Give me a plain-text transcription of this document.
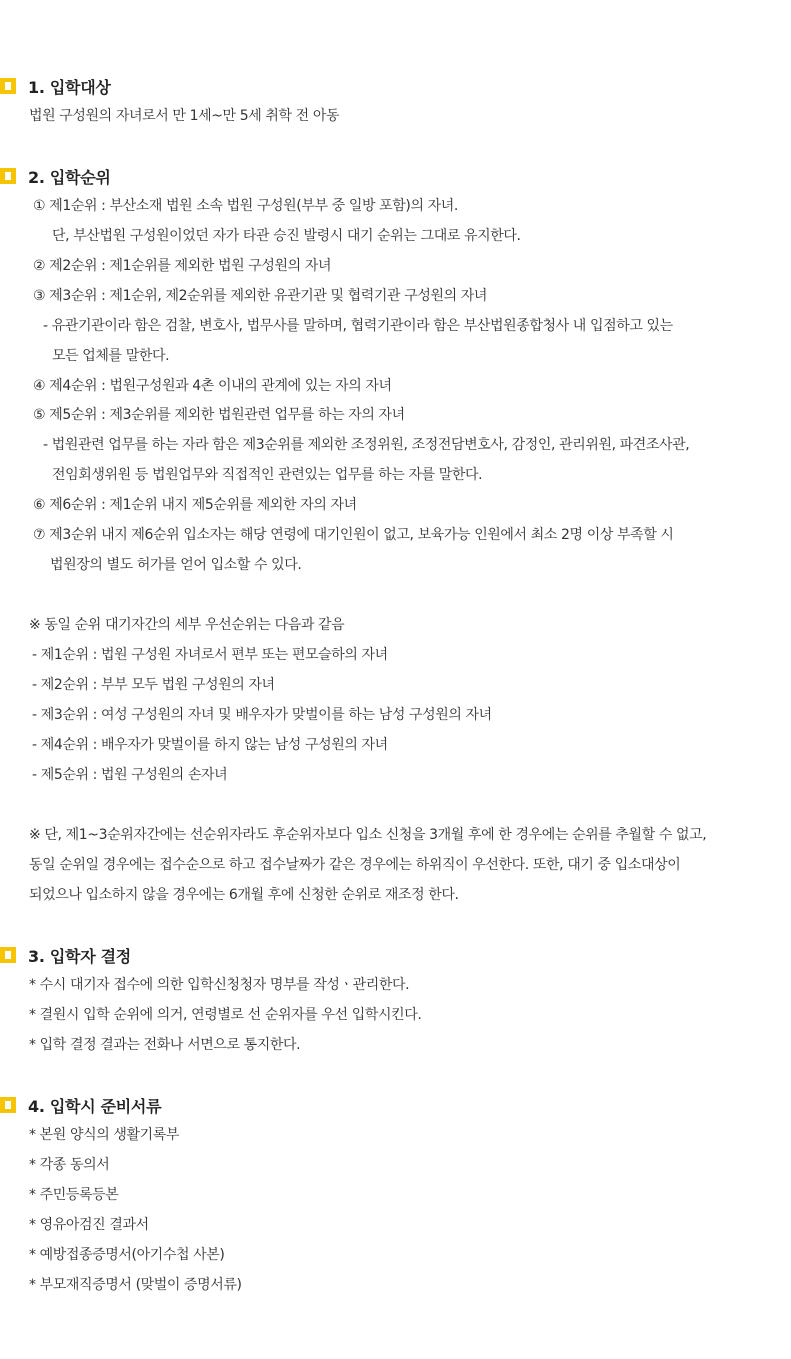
1. 입학대상
법원 구성원의 자녀로서 만 1세~만 5세 취학 전 아동
2. 입학순위
① 제1순위 : 부산소재 법원 소속 법원 구성원(부부 중 일방 포함)의 자녀.
단, 부산법원 구성원이었던 자가 타관 승진 발령시 대기 순위는 그대로 유지한다.
② 제2순위 : 제1순위를 제외한 법원 구성원의 자녀
③ 제3순위 : 제1순위, 제2순위를 제외한 유관기관 및 협력기관 구성원의 자녀
- 유관기관이라 함은 검찰, 변호사, 법무사를 말하며, 협력기관이라 함은 부산법원종합청사 내 입점하고 있는
모든 업체를 말한다.
④ 제4순위 : 법원구성원과 4촌 이내의 관계에 있는 자의 자녀
⑤ 제5순위 : 제3순위를 제외한 법원관련 업무를 하는 자의 자녀
- 법원관련 업무를 하는 자라 함은 제3순위를 제외한 조정위원, 조정전담변호사, 감정인, 관리위원, 파견조사관,
전임회생위원 등 법원업무와 직접적인 관련있는 업무를 하는 자를 말한다.
⑥ 제6순위 : 제1순위 내지 제5순위를 제외한 자의 자녀
⑦ 제3순위 내지 제6순위 입소자는 해당 연령에 대기인원이 없고, 보육가능 인원에서 최소 2명 이상 부족할 시
법원장의 별도 허가를 얻어 입소할 수 있다.
※ 동일 순위 대기자간의 세부 우선순위는 다음과 같음
- 제1순위 : 법원 구성원 자녀로서 편부 또는 편모슬하의 자녀
- 제2순위 : 부부 모두 법원 구성원의 자녀
- 제3순위 : 여성 구성원의 자녀 및 배우자가 맞벌이를 하는 남성 구성원의 자녀
- 제4순위 : 배우자가 맞벌이를 하지 않는 남성 구성원의 자녀
- 제5순위 : 법원 구성원의 손자녀
※ 단, 제1~3순위자간에는 선순위자라도 후순위자보다 입소 신청을 3개월 후에 한 경우에는 순위를 추월할 수 없고,
동일 순위일 경우에는 접수순으로 하고 접수날짜가 같은 경우에는 하위직이 우선한다. 또한, 대기 중 입소대상이
되었으나 입소하지 않을 경우에는 6개월 후에 신청한 순위로 재조정 한다.
3. 입학자 결정
* 수시 대기자 접수에 의한 입학신청청자 명부를 작성ㆍ관리한다.
* 결원시 입학 순위에 의거, 연령별로 선 순위자를 우선 입학시킨다.
* 입학 결정 결과는 전화나 서면으로 통지한다.
4. 입학시 준비서류
* 본원 양식의 생활기록부
* 각종 동의서
* 주민등록등본
* 영유아검진 결과서
* 예방접종증명서(아기수첩 사본)
* 부모재직증명서 (맞벌이 증명서류)
